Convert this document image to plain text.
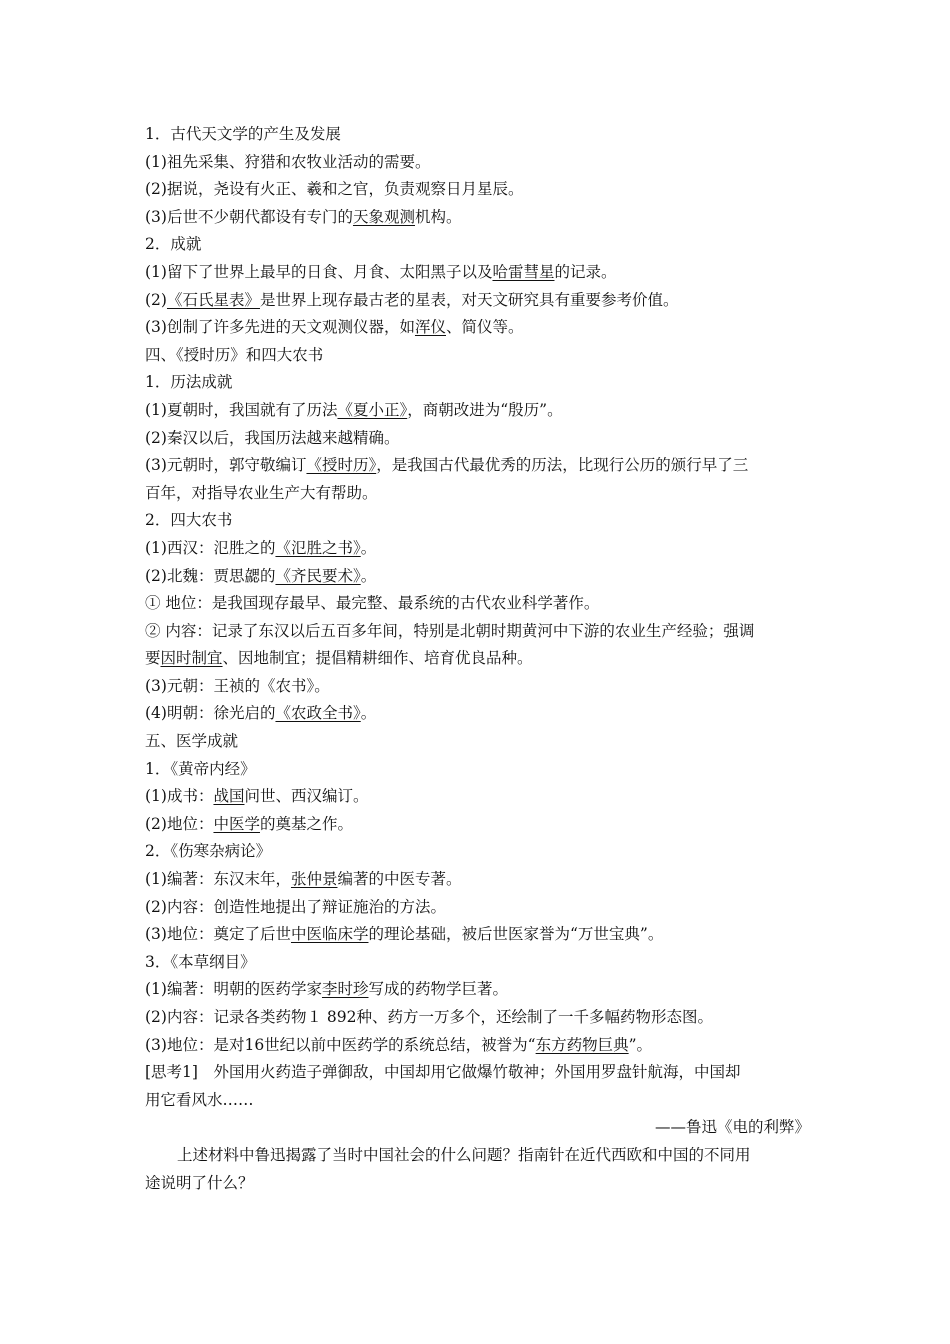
1．古代天文学的产生及发展
(1)祖先采集、狩猎和农牧业活动的需要。
(2)据说，尧设有火正、羲和之官，负责观察日月星辰。
(3)后世不少朝代都设有专门的天象观测机构。
2．成就
(1)留下了世界上最早的日食、月食、太阳黑子以及哈雷彗星的记录。
(2)《石氏星表》是世界上现存最古老的星表，对天文研究具有重要参考价值。
(3)创制了许多先进的天文观测仪器，如浑仪、简仪等。
四、《授时历》和四大农书
1．历法成就
(1)夏朝时，我国就有了历法《夏小正》，商朝改进为“殷历”。
(2)秦汉以后，我国历法越来越精确。
(3)元朝时，郭守敬编订《授时历》，是我国古代最优秀的历法，比现行公历的颁行早了三
百年，对指导农业生产大有帮助。
2．四大农书
(1)西汉：氾胜之的《氾胜之书》。
(2)北魏：贾思勰的《齐民要术》。
① 地位：是我国现存最早、最完整、最系统的古代农业科学著作。
② 内容：记录了东汉以后五百多年间，特别是北朝时期黄河中下游的农业生产经验；强调
要因时制宜、因地制宜；提倡精耕细作、培育优良品种。
(3)元朝：王祯的《农书》。
(4)明朝：徐光启的《农政全书》。
五、医学成就
1．《黄帝内经》
(1)成书：战国问世、西汉编订。
(2)地位：中医学的奠基之作。
2．《伤寒杂病论》
(1)编著：东汉末年，张仲景编著的中医专著。
(2)内容：创造性地提出了辩证施治的方法。
(3)地位：奠定了后世中医临床学的理论基础，被后世医家誉为“万世宝典”。
3．《本草纲目》
(1)编著：明朝的医药学家李时珍写成的药物学巨著。
(2)内容：记录各类药物１ 892种、药方一万多个，还绘制了一千多幅药物形态图。
(3)地位：是对16世纪以前中医药学的系统总结，被誉为“东方药物巨典”。
[思考1]　外国用火药造子弹御敌，中国却用它做爆竹敬神；外国用罗盘针航海，中国却
用它看风水……
——鲁迅《电的利弊》
上述材料中鲁迅揭露了当时中国社会的什么问题？指南针在近代西欧和中国的不同用
途说明了什么？
